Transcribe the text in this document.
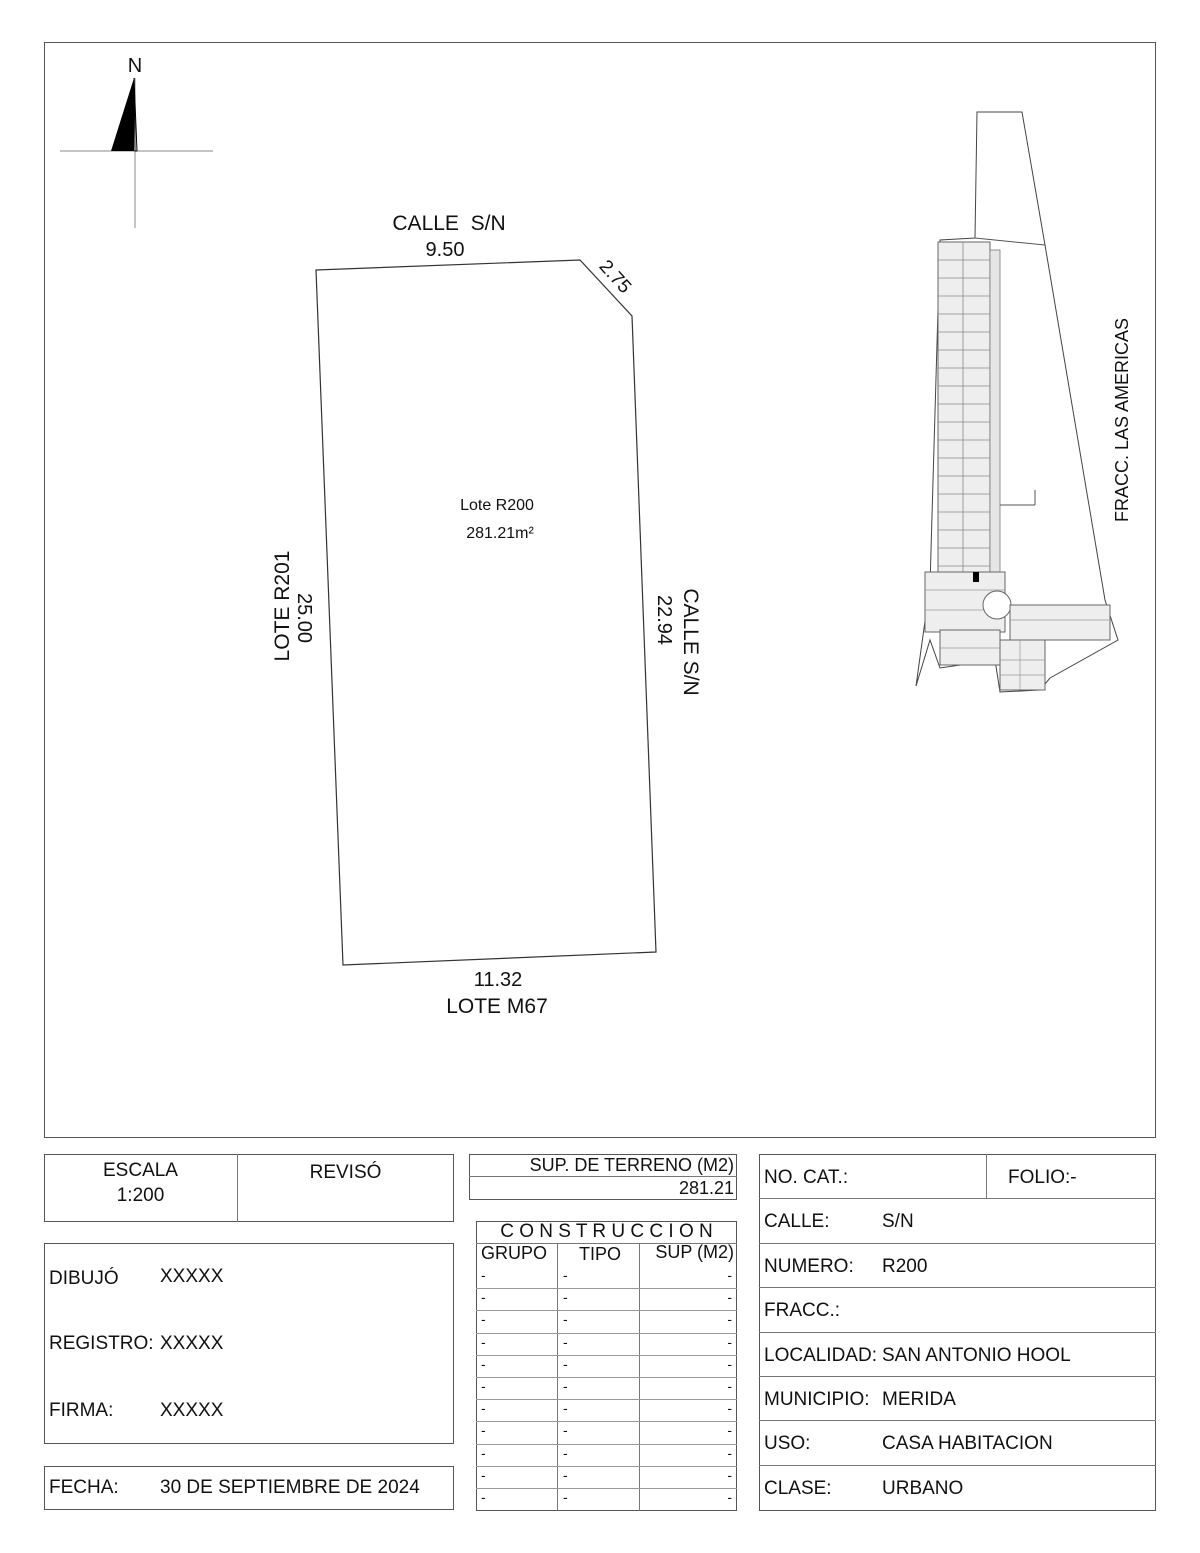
N
CALLE  S/N
9.50
2.75
Lote R200
281.21m²
LOTE R201 25.00	22.94 CALLE S/N
11.32
LOTE M67
FRACC. LAS AMERICAS
ESCALA
1:200
REVISÓ
DIBUJÓ XXXXX
REGISTRO: XXXXX
FIRMA: XXXXX
FECHA: 30 DE SEPTIEMBRE DE 2024
SUP. DE TERRENO (M2)
281.21
C O N S T R U C C I O N
GRUPO TIPO SUP (M2)
-	-	-
-	-	-
-	-	-
-	-	-
-	-	-
-	-	-
-	-	-
-	-	-
-	-	-
-	-	-
-	-	-
NO. CAT.:	FOLIO:-
CALLE:	S/N
NUMERO: R200
FRACC.:
LOCALIDAD: SAN ANTONIO HOOL
MUNICIPIO: MERIDA
USO:	CASA HABITACION
CLASE:	URBANO
